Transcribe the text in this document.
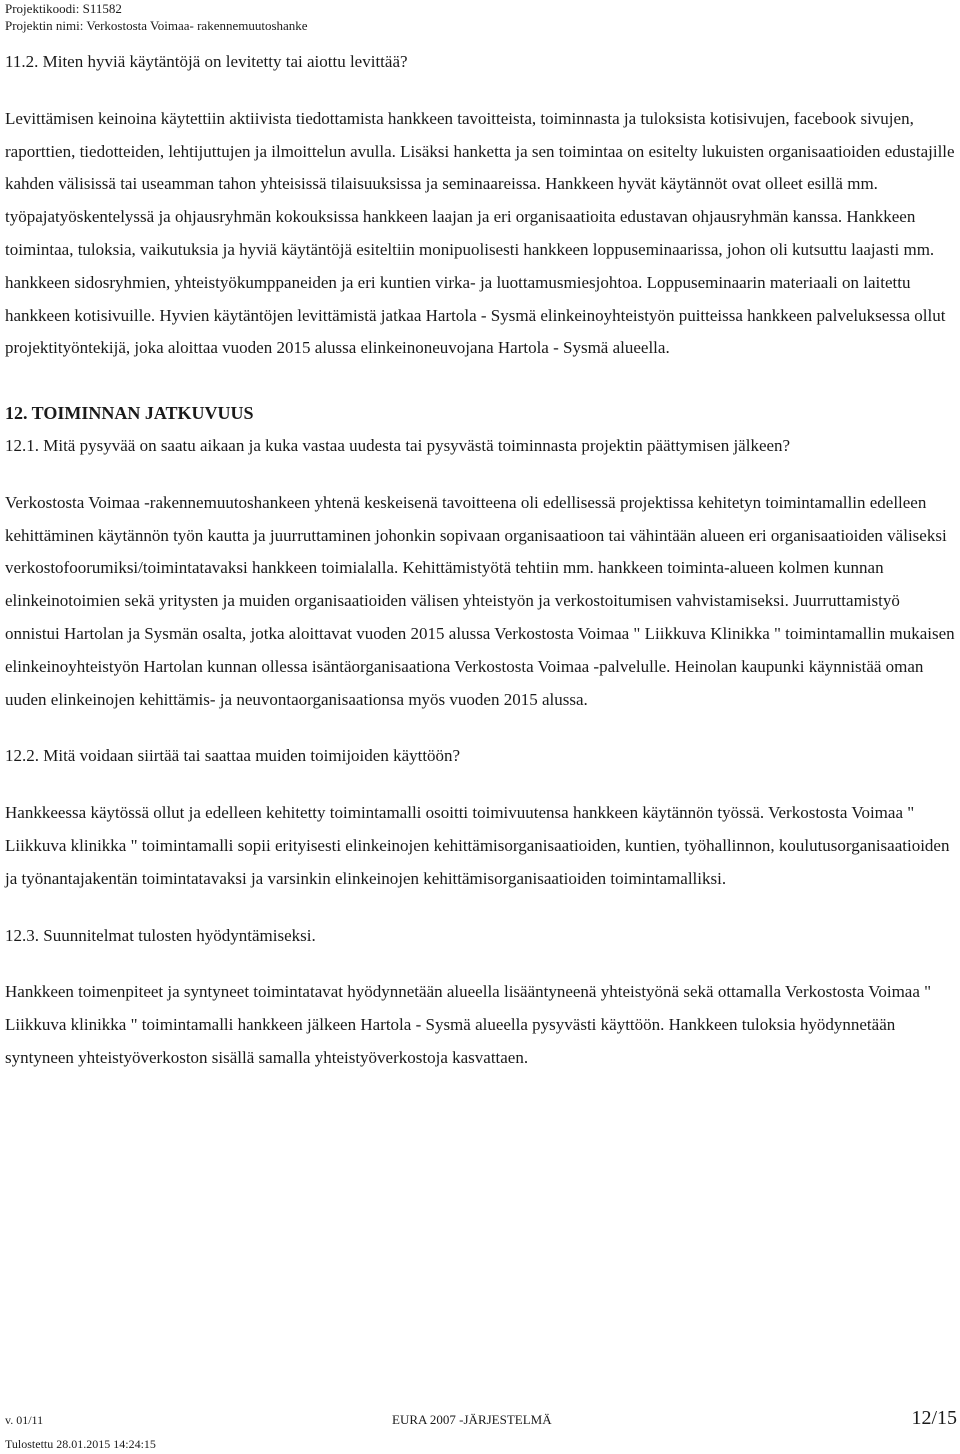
Projektikoodi: S11582
Projektin nimi: Verkostosta Voimaa- rakennemuutoshanke

11.2. Miten hyviä käytäntöjä on levitetty tai aiottu levittää?

Levittämisen keinoina käytettiin aktiivista tiedottamista hankkeen tavoitteista, toiminnasta ja tuloksista kotisivujen, facebook sivujen, raporttien, tiedotteiden, lehtijuttujen ja ilmoittelun avulla. Lisäksi hanketta ja sen toimintaa on esitelty lukuisten organisaatioiden edustajille kahden välisissä tai useamman tahon yhteisissä tilaisuuksissa ja seminaareissa. Hankkeen hyvät käytännöt ovat olleet esillä mm. työpajatyöskentelyssä ja ohjausryhmän kokouksissa hankkeen laajan ja eri organisaatioita edustavan ohjausryhmän kanssa. Hankkeen toimintaa, tuloksia, vaikutuksia ja hyviä käytäntöjä esiteltiin monipuolisesti hankkeen loppuseminaarissa, johon oli kutsuttu laajasti mm. hankkeen sidosryhmien, yhteistyökumppaneiden ja eri kuntien virka- ja luottamusmiesjohtoa. Loppuseminaarin materiaali on laitettu hankkeen kotisivuille. Hyvien käytäntöjen levittämistä jatkaa Hartola - Sysmä elinkeinoyhteistyön puitteissa hankkeen palveluksessa ollut projektityöntekijä, joka aloittaa vuoden 2015 alussa elinkeinoneuvojana Hartola - Sysmä alueella.

12. TOIMINNAN JATKUVUUS

12.1. Mitä pysyvää on saatu aikaan ja kuka vastaa uudesta tai pysyvästä toiminnasta projektin päättymisen jälkeen?

Verkostosta Voimaa -rakennemuutoshankeen yhtenä keskeisenä tavoitteena oli edellisessä projektissa kehitetyn toimintamallin edelleen kehittäminen käytännön työn kautta ja juurruttaminen johonkin sopivaan organisaatioon tai vähintään alueen eri organisaatioiden väliseksi verkostofoorumiksi/toimintatavaksi hankkeen toimialalla. Kehittämistyötä tehtiin mm. hankkeen toiminta-alueen kolmen kunnan elinkeinotoimien sekä yritysten ja muiden organisaatioiden välisen yhteistyön ja verkostoitumisen vahvistamiseksi. Juurruttamistyö onnistui Hartolan ja Sysmän osalta, jotka aloittavat vuoden 2015 alussa Verkostosta Voimaa " Liikkuva Klinikka " toimintamallin mukaisen elinkeinoyhteistyön Hartolan kunnan ollessa isäntäorganisaationa Verkostosta Voimaa -palvelulle. Heinolan kaupunki käynnistää oman uuden elinkeinojen kehittämis- ja neuvontaorganisaationsa myös vuoden 2015 alussa.

12.2. Mitä voidaan siirtää tai saattaa muiden toimijoiden käyttöön?

Hankkeessa käytössä ollut ja edelleen kehitetty toimintamalli osoitti toimivuutensa hankkeen käytännön työssä. Verkostosta Voimaa " Liikkuva klinikka " toimintamalli sopii erityisesti elinkeinojen kehittämisorganisaatioiden, kuntien, työhallinnon, koulutusorganisaatioiden ja työnantajakentän toimintatavaksi ja varsinkin elinkeinojen kehittämisorganisaatioiden toimintamalliksi.

12.3. Suunnitelmat tulosten hyödyntämiseksi.

Hankkeen toimenpiteet ja syntyneet toimintatavat hyödynnetään alueella lisääntyneenä yhteistyönä sekä ottamalla Verkostosta Voimaa " Liikkuva klinikka " toimintamalli hankkeen jälkeen Hartola - Sysmä alueella pysyvästi käyttöön. Hankkeen tuloksia hyödynnetään syntyneen yhteistyöverkoston sisällä samalla yhteistyöverkostoja kasvattaen.

v. 01/11	EURA 2007 -JÄRJESTELMÄ	12/15
Tulostettu 28.01.2015 14:24:15
